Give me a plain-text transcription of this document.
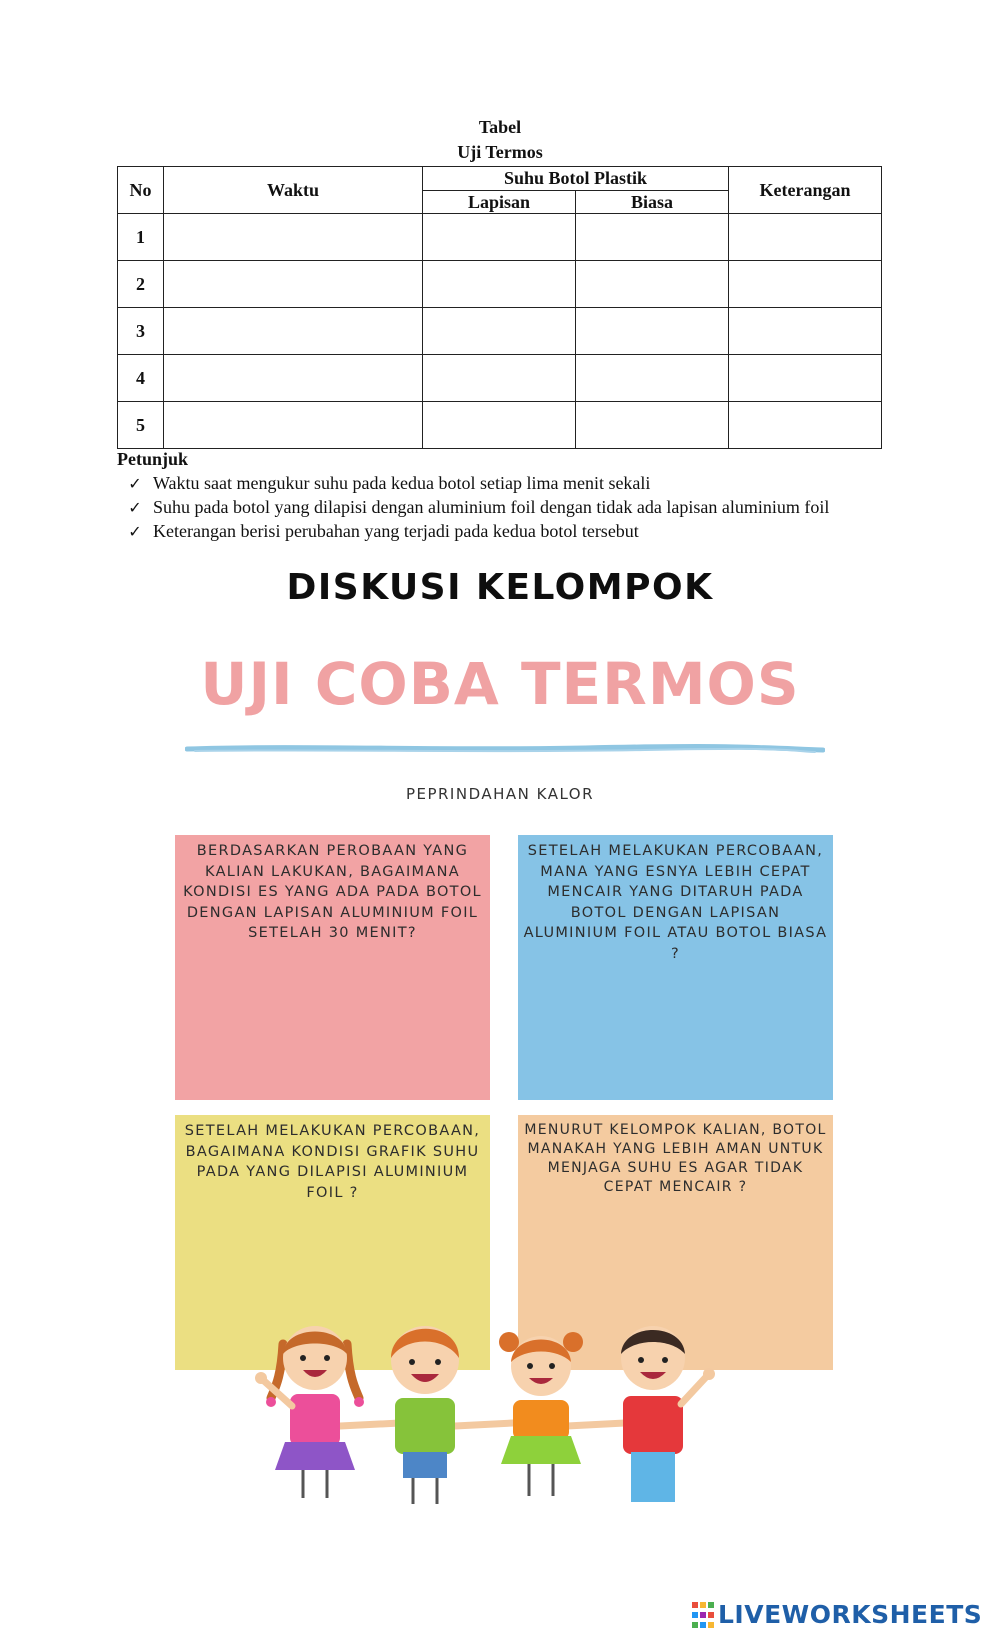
Tabel
Uji Termos
No	Waktu	Suhu Botol Plastik		Keterangan
		Lapisan	Biasa	
1				
2				
3				
4				
5				
Petunjuk
✓ Waktu saat mengukur suhu pada kedua botol setiap lima menit sekali
✓ Suhu pada botol yang dilapisi dengan aluminium foil dengan tidak ada lapisan aluminium foil
✓ Keterangan berisi perubahan yang terjadi pada kedua botol tersebut
DISKUSI KELOMPOK
UJI COBA TERMOS
PEPRINDAHAN KALOR
BERDASARKAN PEROBAAN YANG KALIAN LAKUKAN, BAGAIMANA KONDISI ES YANG ADA PADA BOTOL DENGAN LAPISAN ALUMINIUM FOIL SETELAH 30 MENIT?
SETELAH MELAKUKAN PERCOBAAN, MANA YANG ESNYA LEBIH CEPAT MENCAIR YANG DITARUH PADA BOTOL DENGAN LAPISAN ALUMINIUM FOIL ATAU BOTOL BIASA ?
SETELAH MELAKUKAN PERCOBAAN, BAGAIMANA KONDISI GRAFIK SUHU PADA YANG DILAPISI ALUMINIUM FOIL ?
MENURUT KELOMPOK KALIAN, BOTOL MANAKAH YANG LEBIH AMAN UNTUK MENJAGA SUHU ES AGAR TIDAK CEPAT MENCAIR ?
LIVEWORKSHEETS
